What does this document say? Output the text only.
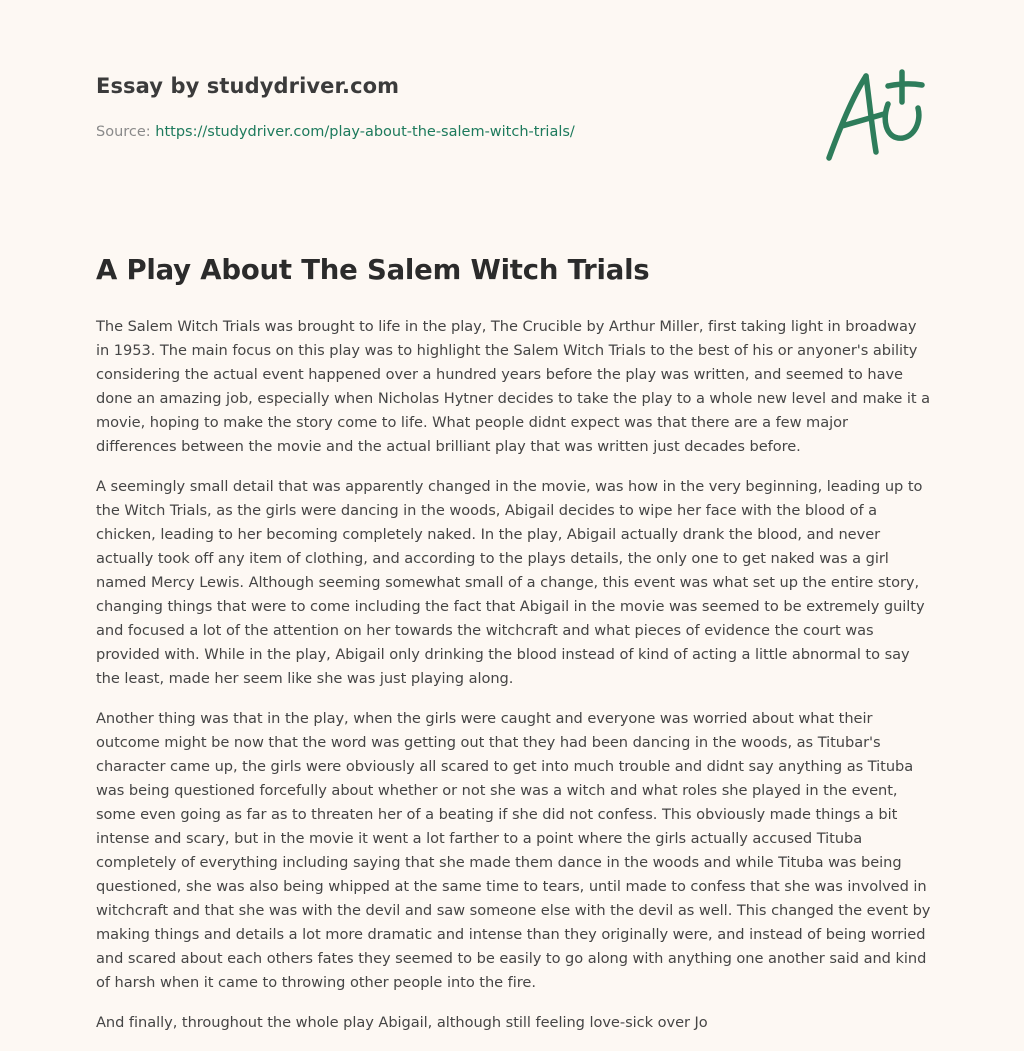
Essay by studydriver.com
Source: https://studydriver.com/play-about-the-salem-witch-trials/
A Play About The Salem Witch Trials

The Salem Witch Trials was brought to life in the play, The Crucible by Arthur Miller, first taking light in broadway in 1953. The main focus on this play was to highlight the Salem Witch Trials to the best of his or anyoner's ability considering the actual event happened over a hundred years before the play was written, and seemed to have done an amazing job, especially when Nicholas Hytner decides to take the play to a whole new level and make it a movie, hoping to make the story come to life. What people didnt expect was that there are a few major differences between the movie and the actual brilliant play that was written just decades before.

A seemingly small detail that was apparently changed in the movie, was how in the very beginning, leading up to the Witch Trials, as the girls were dancing in the woods, Abigail decides to wipe her face with the blood of a chicken, leading to her becoming completely naked. In the play, Abigail actually drank the blood, and never actually took off any item of clothing, and according to the plays details, the only one to get naked was a girl named Mercy Lewis. Although seeming somewhat small of a change, this event was what set up the entire story, changing things that were to come including the fact that Abigail in the movie was seemed to be extremely guilty and focused a lot of the attention on her towards the witchcraft and what pieces of evidence the court was provided with. While in the play, Abigail only drinking the blood instead of kind of acting a little abnormal to say the least, made her seem like she was just playing along.

Another thing was that in the play, when the girls were caught and everyone was worried about what their outcome might be now that the word was getting out that they had been dancing in the woods, as Titubar's character came up, the girls were obviously all scared to get into much trouble and didnt say anything as Tituba was being questioned forcefully about whether or not she was a witch and what roles she played in the event, some even going as far as to threaten her of a beating if she did not confess. This obviously made things a bit intense and scary, but in the movie it went a lot farther to a point where the girls actually accused Tituba completely of everything including saying that she made them dance in the woods and while Tituba was being questioned, she was also being whipped at the same time to tears, until made to confess that she was involved in witchcraft and that she was with the devil and saw someone else with the devil as well. This changed the event by making things and details a lot more dramatic and intense than they originally were, and instead of being worried and scared about each others fates they seemed to be easily to go along with anything one another said and kind of harsh when it came to throwing other people into the fire.

And finally, throughout the whole play Abigail, although still feeling love-sick over Jo
